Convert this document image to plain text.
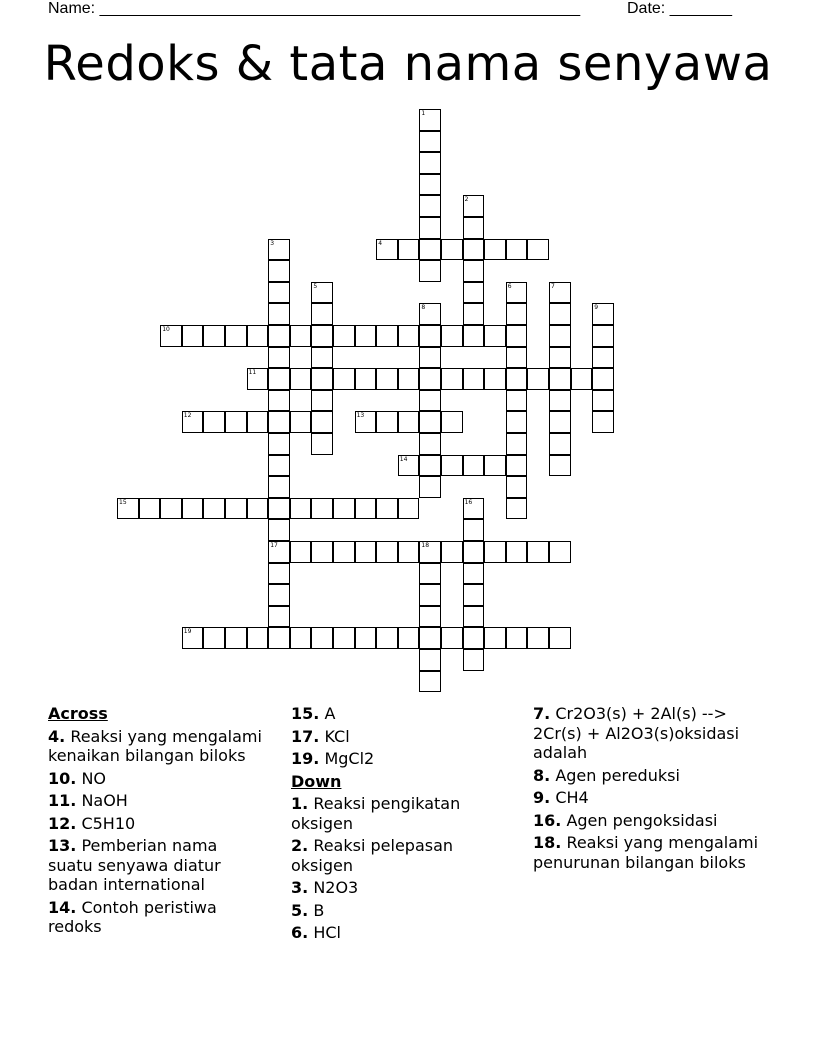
Name: ______________________________________________________	Date: _______
Redoks & tata nama senyawa
1
2
3
17
4
5	6	7
8	9
10
11
12	13
14
15	16
18
19
Across
4. Reaksi yang mengalami kenaikan bilangan biloks
10. NO
11. NaOH
12. C5H10
13. Pemberian nama suatu senyawa diatur badan international
14. Contoh peristiwa redoks
15. A
17. KCl
19. MgCl2
Down
1. Reaksi pengikatan oksigen
2. Reaksi pelepasan oksigen
3. N2O3
5. B
6. HCl
7. Cr2O3(s) + 2Al(s) --> 2Cr(s) + Al2O3(s)oksidasi adalah
8. Agen pereduksi
9. CH4
16. Agen pengoksidasi
18. Reaksi yang mengalami penurunan bilangan biloks
